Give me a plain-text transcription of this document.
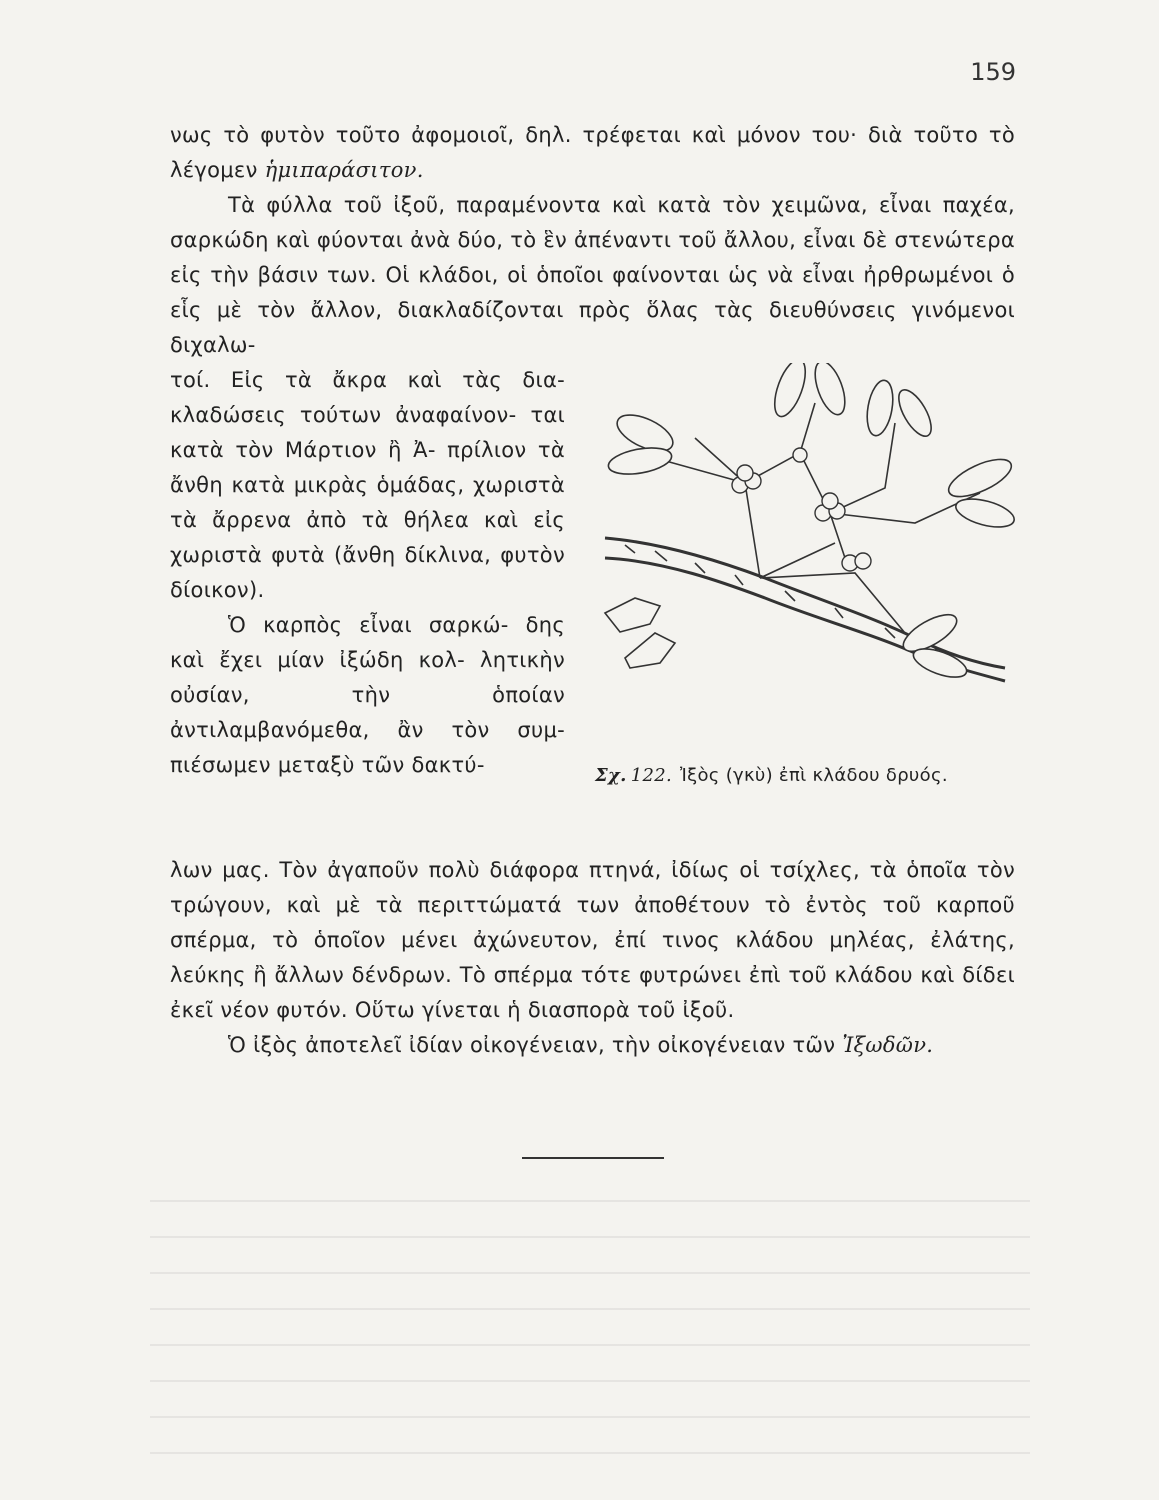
159

νως τὸ φυτὸν τοῦτο ἀφομοιοῖ, δηλ. τρέφεται καὶ μόνον του· διὰ τοῦτο τὸ λέγομεν ἡμιπαράσιτον.

Τὰ φύλλα τοῦ ἰξοῦ, παραμένοντα καὶ κατὰ τὸν χειμῶνα, εἶναι παχέα, σαρκώδη καὶ φύονται ἀνὰ δύο, τὸ ἓν ἀπέναντι τοῦ ἄλλου, εἶναι δὲ στενώτερα εἰς τὴν βάσιν των. Οἱ κλάδοι, οἱ ὁποῖοι φαίνονται ὡς νὰ εἶναι ἠρθρωμένοι ὁ εἷς μὲ τὸν ἄλλον, διακλαδίζονται πρὸς ὅλας τὰς διευθύνσεις γινόμενοι διχαλω-

Σχ. 122. Ἰξὸς (γκὺ) ἐπὶ κλάδου δρυός.

τοί. Εἰς τὰ ἄκρα καὶ τὰς δια- κλαδώσεις τούτων ἀναφαίνον- ται κατὰ τὸν Μάρτιον ἢ Ἀ- πρίλιον τὰ ἄνθη κατὰ μικρὰς ὁμάδας, χωριστὰ τὰ ἄρρενα ἀπὸ τὰ θήλεα καὶ εἰς χωριστὰ φυτὰ (ἄνθη δίκλινα, φυτὸν δίοικον).

Ὁ καρπὸς εἶναι σαρκώ- δης καὶ ἔχει μίαν ἰξώδη κολ- λητικὴν οὐσίαν, τὴν ὁποίαν ἀντιλαμβανόμεθα, ἂν τὸν συμ- πιέσωμεν μεταξὺ τῶν δακτύ-

λων μας. Τὸν ἀγαποῦν πολὺ διάφορα πτηνά, ἰδίως οἱ τσίχλες, τὰ ὁποῖα τὸν τρώγουν, καὶ μὲ τὰ περιττώματά των ἀποθέτουν τὸ ἐντὸς τοῦ καρποῦ σπέρμα, τὸ ὁποῖον μένει ἀχώνευτον, ἐπί τινος κλάδου μηλέας, ἐλάτης, λεύκης ἢ ἄλλων δένδρων. Τὸ σπέρμα τότε φυτρώνει ἐπὶ τοῦ κλάδου καὶ δίδει ἐκεῖ νέον φυτόν. Οὕτω γίνεται ἡ διασπορὰ τοῦ ἰξοῦ.

Ὁ ἰξὸς ἀποτελεῖ ἰδίαν οἰκογένειαν, τὴν οἰκογένειαν τῶν Ἰξωδῶν.
